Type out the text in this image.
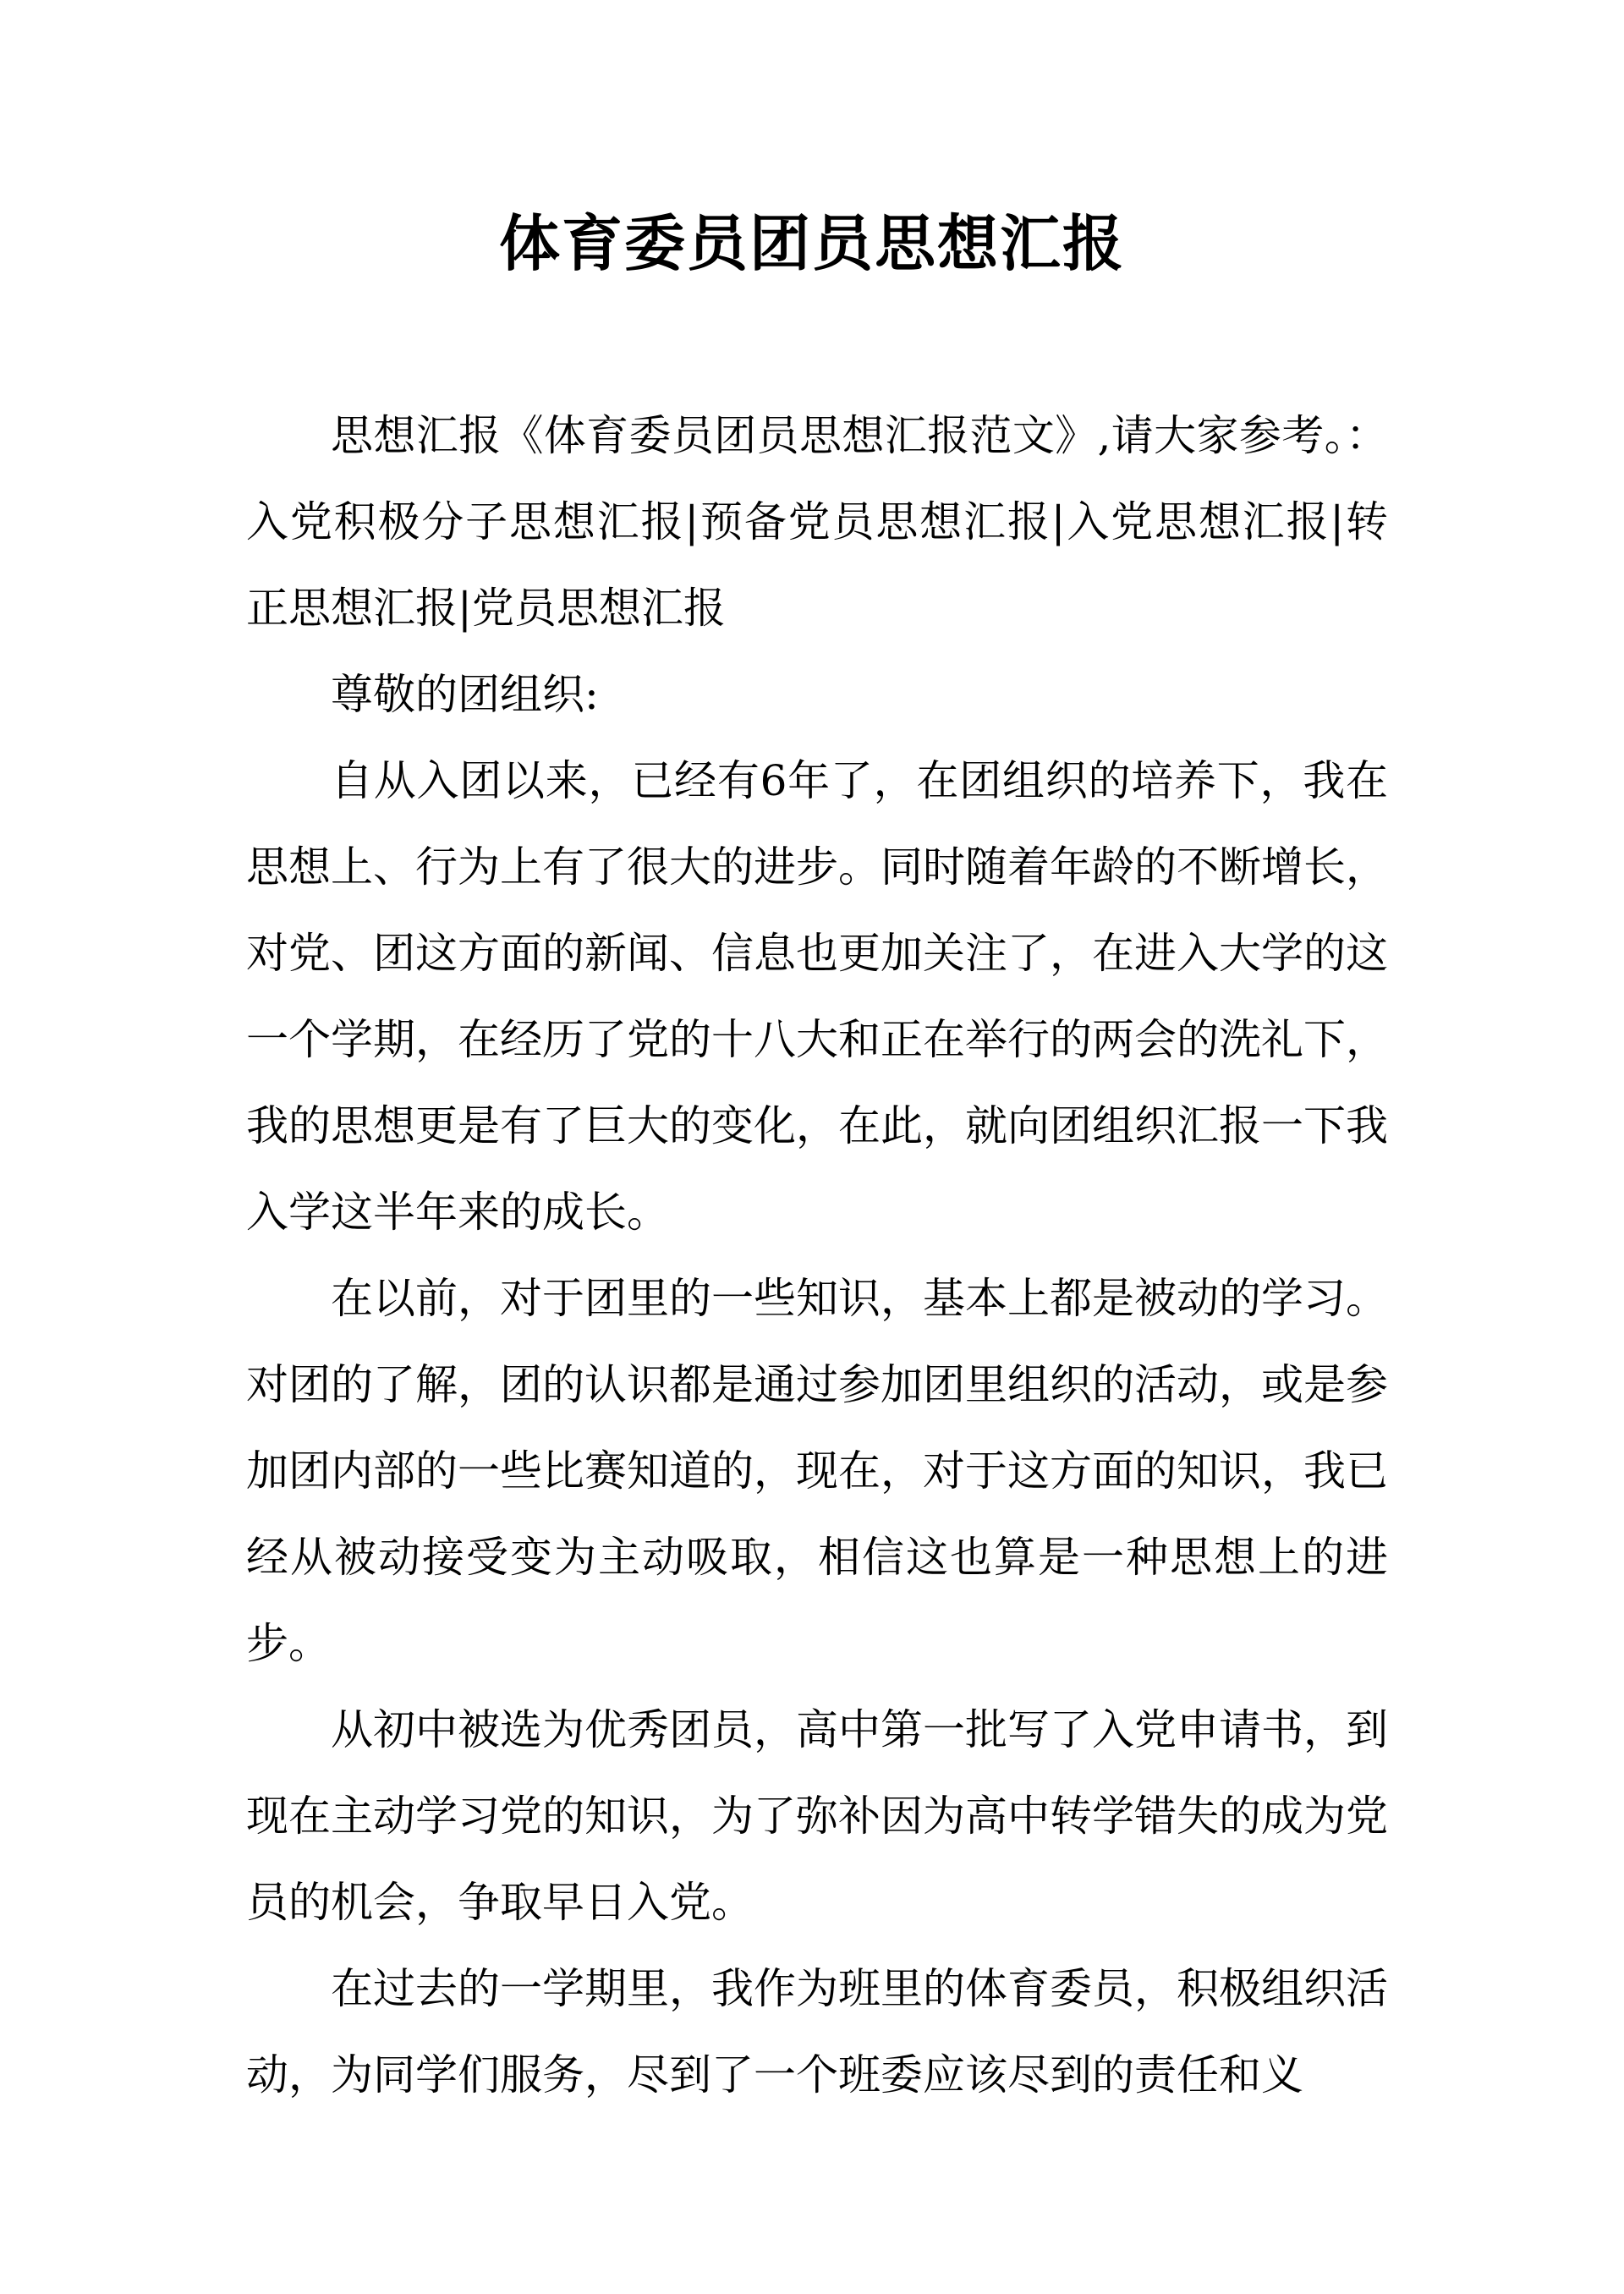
体育委员团员思想汇报

思想汇报《体育委员团员思想汇报范文》,请大家参考。：入党积极分子思想汇报|预备党员思想汇报|入党思想汇报|转正思想汇报|党员思想汇报

尊敬的团组织:

自从入团以来，已经有6年了，在团组织的培养下，我在思想上、行为上有了很大的进步。同时随着年龄的不断增长，对党、团这方面的新闻、信息也更加关注了，在进入大学的这一个学期，在经历了党的十八大和正在举行的两会的洗礼下，我的思想更是有了巨大的变化，在此，就向团组织汇报一下我入学这半年来的成长。

在以前，对于团里的一些知识，基本上都是被动的学习。对团的了解，团的认识都是通过参加团里组织的活动，或是参加团内部的一些比赛知道的，现在，对于这方面的知识，我已经从被动接受变为主动吸取，相信这也算是一种思想上的进步。

从初中被选为优秀团员，高中第一批写了入党申请书，到现在主动学习党的知识，为了弥补因为高中转学错失的成为党员的机会，争取早日入党。

在过去的一学期里，我作为班里的体育委员，积极组织活动，为同学们服务，尽到了一个班委应该尽到的责任和义
